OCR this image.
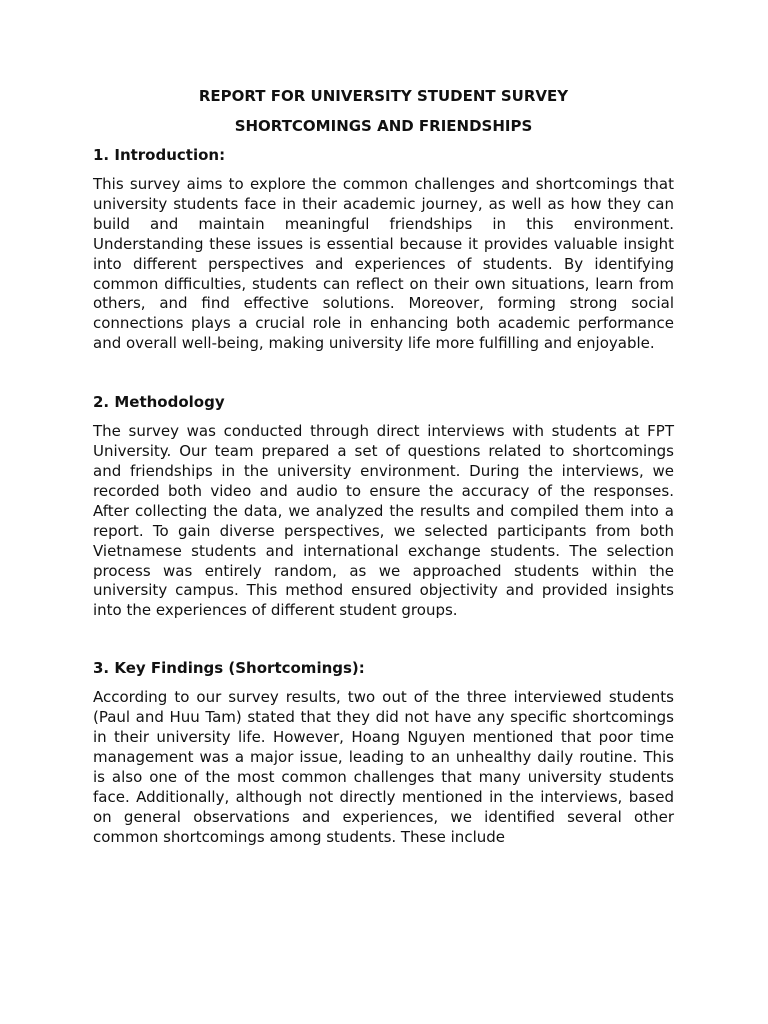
REPORT FOR UNIVERSITY STUDENT SURVEY

SHORTCOMINGS AND FRIENDSHIPS

1. Introduction:

This survey aims to explore the common challenges and shortcomings that university students face in their academic journey, as well as how they can build and maintain meaningful friendships in this environment. Understanding these issues is essential because it provides valuable insight into different perspectives and experiences of students. By identifying common difficulties, students can reflect on their own situations, learn from others, and find effective solutions. Moreover, forming strong social connections plays a crucial role in enhancing both academic performance and overall well-being, making university life more fulfilling and enjoyable.

2. Methodology

The survey was conducted through direct interviews with students at FPT University. Our team prepared a set of questions related to shortcomings and friendships in the university environment. During the interviews, we recorded both video and audio to ensure the accuracy of the responses. After collecting the data, we analyzed the results and compiled them into a report. To gain diverse perspectives, we selected participants from both Vietnamese students and international exchange students. The selection process was entirely random, as we approached students within the university campus. This method ensured objectivity and provided insights into the experiences of different student groups.

3. Key Findings (Shortcomings):

According to our survey results, two out of the three interviewed students (Paul and Huu Tam) stated that they did not have any specific shortcomings in their university life. However, Hoang Nguyen mentioned that poor time management was a major issue, leading to an unhealthy daily routine. This is also one of the most common challenges that many university students face. Additionally, although not directly mentioned in the interviews, based on general observations and experiences, we identified several other common shortcomings among students. These include
